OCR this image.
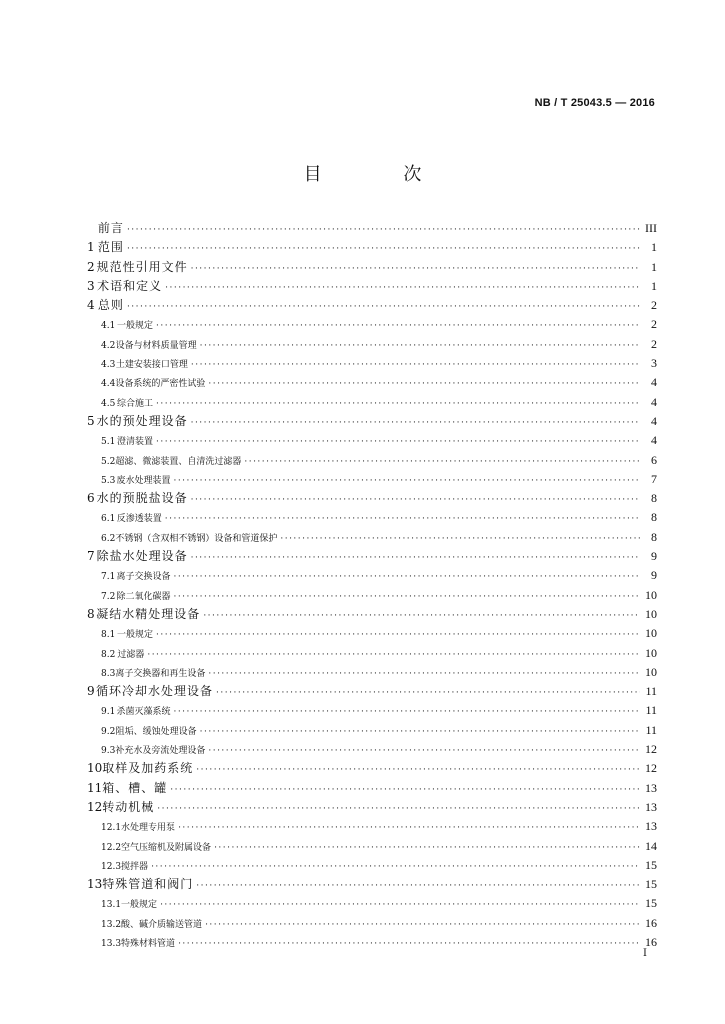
NB / T 25043.5 — 2016
目 次
前言 ·····	III
1 范围 ·····	1
2 规范性引用文件 ·····	1
3 术语和定义 ·····	1
4 总则 ·····	2
4.1 一般规定 ·····	2
4.2 设备与材料质量管理 ·····	2
4.3 土建安装接口管理 ·····	3
4.4 设备系统的严密性试验 ·····	4
4.5 综合施工 ·····	4
5 水的预处理设备 ·····	4
5.1 澄清装置 ·····	4
5.2 超滤、微滤装置、自清洗过滤器 ·····	6
5.3 废水处理装置 ·····	7
6 水的预脱盐设备 ·····	8
6.1 反渗透装置 ·····	8
6.2 不锈钢（含双相不锈钢）设备和管道保护 ·····	8
7 除盐水处理设备 ·····	9
7.1 离子交换设备 ·····	9
7.2 除二氧化碳器 ·····	10
8 凝结水精处理设备 ·····	10
8.1 一般规定 ·····	10
8.2 过滤器 ·····	10
8.3 离子交换器和再生设备 ·····	10
9 循环冷却水处理设备 ·····	11
9.1 杀菌灭藻系统 ·····	11
9.2 阻垢、缓蚀处理设备 ·····	11
9.3 补充水及旁流处理设备 ·····	12
10 取样及加药系统 ·····	12
11 箱、槽、罐 ·····	13
12 转动机械 ·····	13
12.1 水处理专用泵 ·····	13
12.2 空气压缩机及附属设备 ·····	14
12.3 搅拌器 ·····	15
13 特殊管道和阀门 ·····	15
13.1 一般规定 ·····	15
13.2 酸、碱介质输送管道 ·····	16
13.3 特殊材料管道 ·····	16
I
